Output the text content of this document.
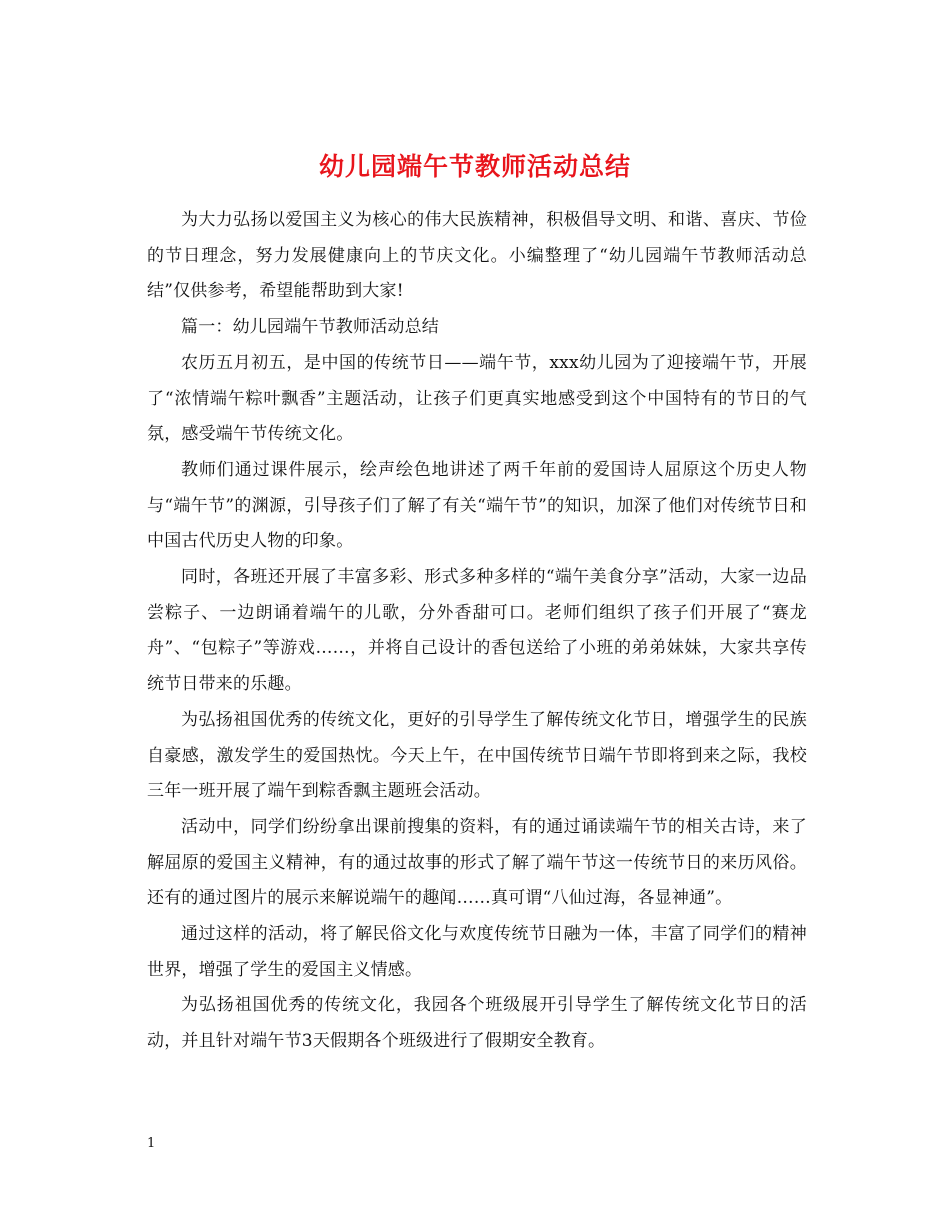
幼儿园端午节教师活动总结

为大力弘扬以爱国主义为核心的伟大民族精神，积极倡导文明、和谐、喜庆、节俭的节日理念，努力发展健康向上的节庆文化。小编整理了“幼儿园端午节教师活动总结”仅供参考，希望能帮助到大家!

篇一：幼儿园端午节教师活动总结

农历五月初五，是中国的传统节日——端午节，xxx幼儿园为了迎接端午节，开展了“浓情端午粽叶飘香”主题活动，让孩子们更真实地感受到这个中国特有的节日的气氛，感受端午节传统文化。

教师们通过课件展示，绘声绘色地讲述了两千年前的爱国诗人屈原这个历史人物与“端午节”的渊源，引导孩子们了解了有关“端午节”的知识，加深了他们对传统节日和中国古代历史人物的印象。

同时，各班还开展了丰富多彩、形式多种多样的“端午美食分享”活动，大家一边品尝粽子、一边朗诵着端午的儿歌，分外香甜可口。老师们组织了孩子们开展了“赛龙舟”、“包粽子”等游戏……，并将自己设计的香包送给了小班的弟弟妹妹，大家共享传统节日带来的乐趣。

为弘扬祖国优秀的传统文化，更好的引导学生了解传统文化节日，增强学生的民族自豪感，激发学生的爱国热忱。今天上午，在中国传统节日端午节即将到来之际，我校三年一班开展了端午到粽香飘主题班会活动。

活动中，同学们纷纷拿出课前搜集的资料，有的通过诵读端午节的相关古诗，来了解屈原的爱国主义精神，有的通过故事的形式了解了端午节这一传统节日的来历风俗。还有的通过图片的展示来解说端午的趣闻……真可谓“八仙过海，各显神通”。

通过这样的活动，将了解民俗文化与欢度传统节日融为一体，丰富了同学们的精神世界，增强了学生的爱国主义情感。

为弘扬祖国优秀的传统文化，我园各个班级展开引导学生了解传统文化节日的活动，并且针对端午节3天假期各个班级进行了假期安全教育。

1
